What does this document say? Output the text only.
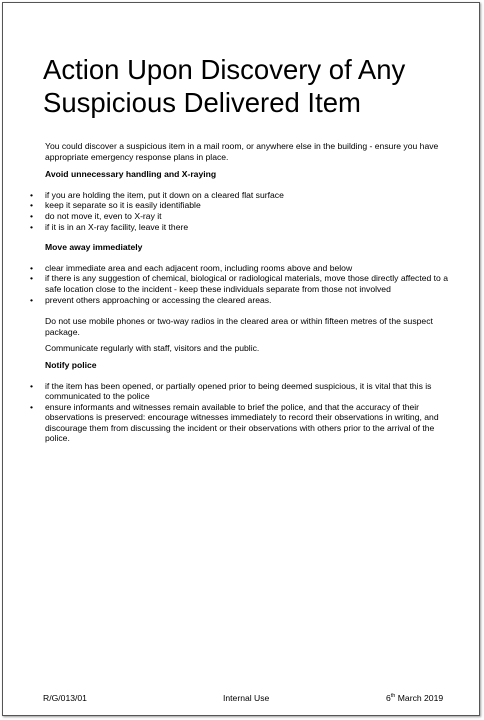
Action Upon Discovery of Any Suspicious Delivered Item

You could discover a suspicious item in a mail room, or anywhere else in the building - ensure you have appropriate emergency response plans in place.

Avoid unnecessary handling and X-raying

• if you are holding the item, put it down on a cleared flat surface
• keep it separate so it is easily identifiable
• do not move it, even to X-ray it
• if it is in an X-ray facility, leave it there

Move away immediately

• clear immediate area and each adjacent room, including rooms above and below
• if there is any suggestion of chemical, biological or radiological materials, move those directly affected to a safe location close to the incident - keep these individuals separate from those not involved
• prevent others approaching or accessing the cleared areas.

Do not use mobile phones or two-way radios in the cleared area or within fifteen metres of the suspect package.

Communicate regularly with staff, visitors and the public.

Notify police

• if the item has been opened, or partially opened prior to being deemed suspicious, it is vital that this is communicated to the police
• ensure informants and witnesses remain available to brief the police, and that the accuracy of their observations is preserved: encourage witnesses immediately to record their observations in writing, and discourage them from discussing the incident or their observations with others prior to the arrival of the police.
R/G/013/01	Internal Use	6th March 2019
